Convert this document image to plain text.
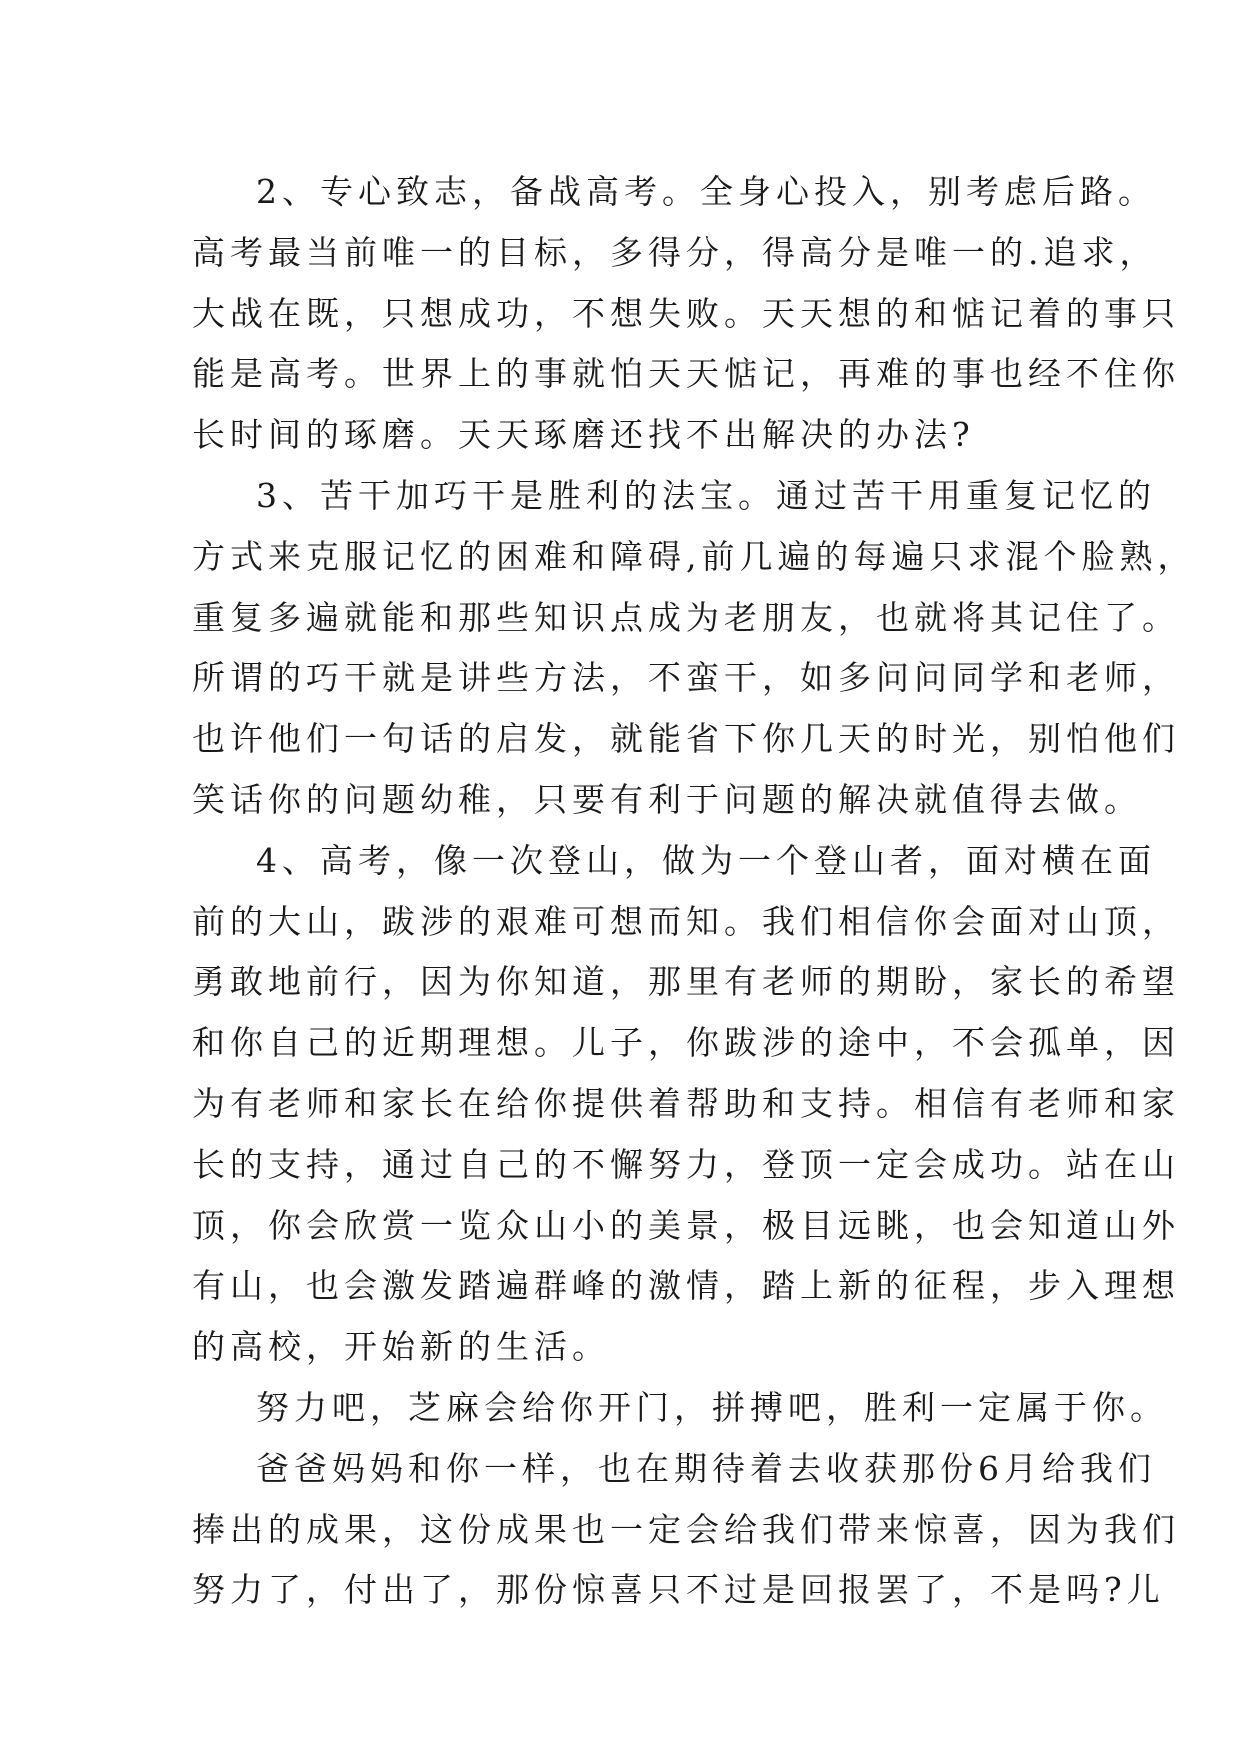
2、专心致志，备战高考。全身心投入，别考虑后路。
高考最当前唯一的目标，多得分，得高分是唯一的.追求，
大战在既，只想成功，不想失败。天天想的和惦记着的事只
能是高考。世界上的事就怕天天惦记，再难的事也经不住你
长时间的琢磨。天天琢磨还找不出解决的办法?
3、苦干加巧干是胜利的法宝。通过苦干用重复记忆的
方式来克服记忆的困难和障碍,前几遍的每遍只求混个脸熟，
重复多遍就能和那些知识点成为老朋友，也就将其记住了。
所谓的巧干就是讲些方法，不蛮干，如多问问同学和老师，
也许他们一句话的启发，就能省下你几天的时光，别怕他们
笑话你的问题幼稚，只要有利于问题的解决就值得去做。
4、高考，像一次登山，做为一个登山者，面对横在面
前的大山，跋涉的艰难可想而知。我们相信你会面对山顶，
勇敢地前行，因为你知道，那里有老师的期盼，家长的希望
和你自己的近期理想。儿子，你跋涉的途中，不会孤单，因
为有老师和家长在给你提供着帮助和支持。相信有老师和家
长的支持，通过自己的不懈努力，登顶一定会成功。站在山
顶，你会欣赏一览众山小的美景，极目远眺，也会知道山外
有山，也会激发踏遍群峰的激情，踏上新的征程，步入理想
的高校，开始新的生活。
努力吧，芝麻会给你开门，拼搏吧，胜利一定属于你。
爸爸妈妈和你一样，也在期待着去收获那份6月给我们
捧出的成果，这份成果也一定会给我们带来惊喜，因为我们
努力了，付出了，那份惊喜只不过是回报罢了，不是吗?儿
